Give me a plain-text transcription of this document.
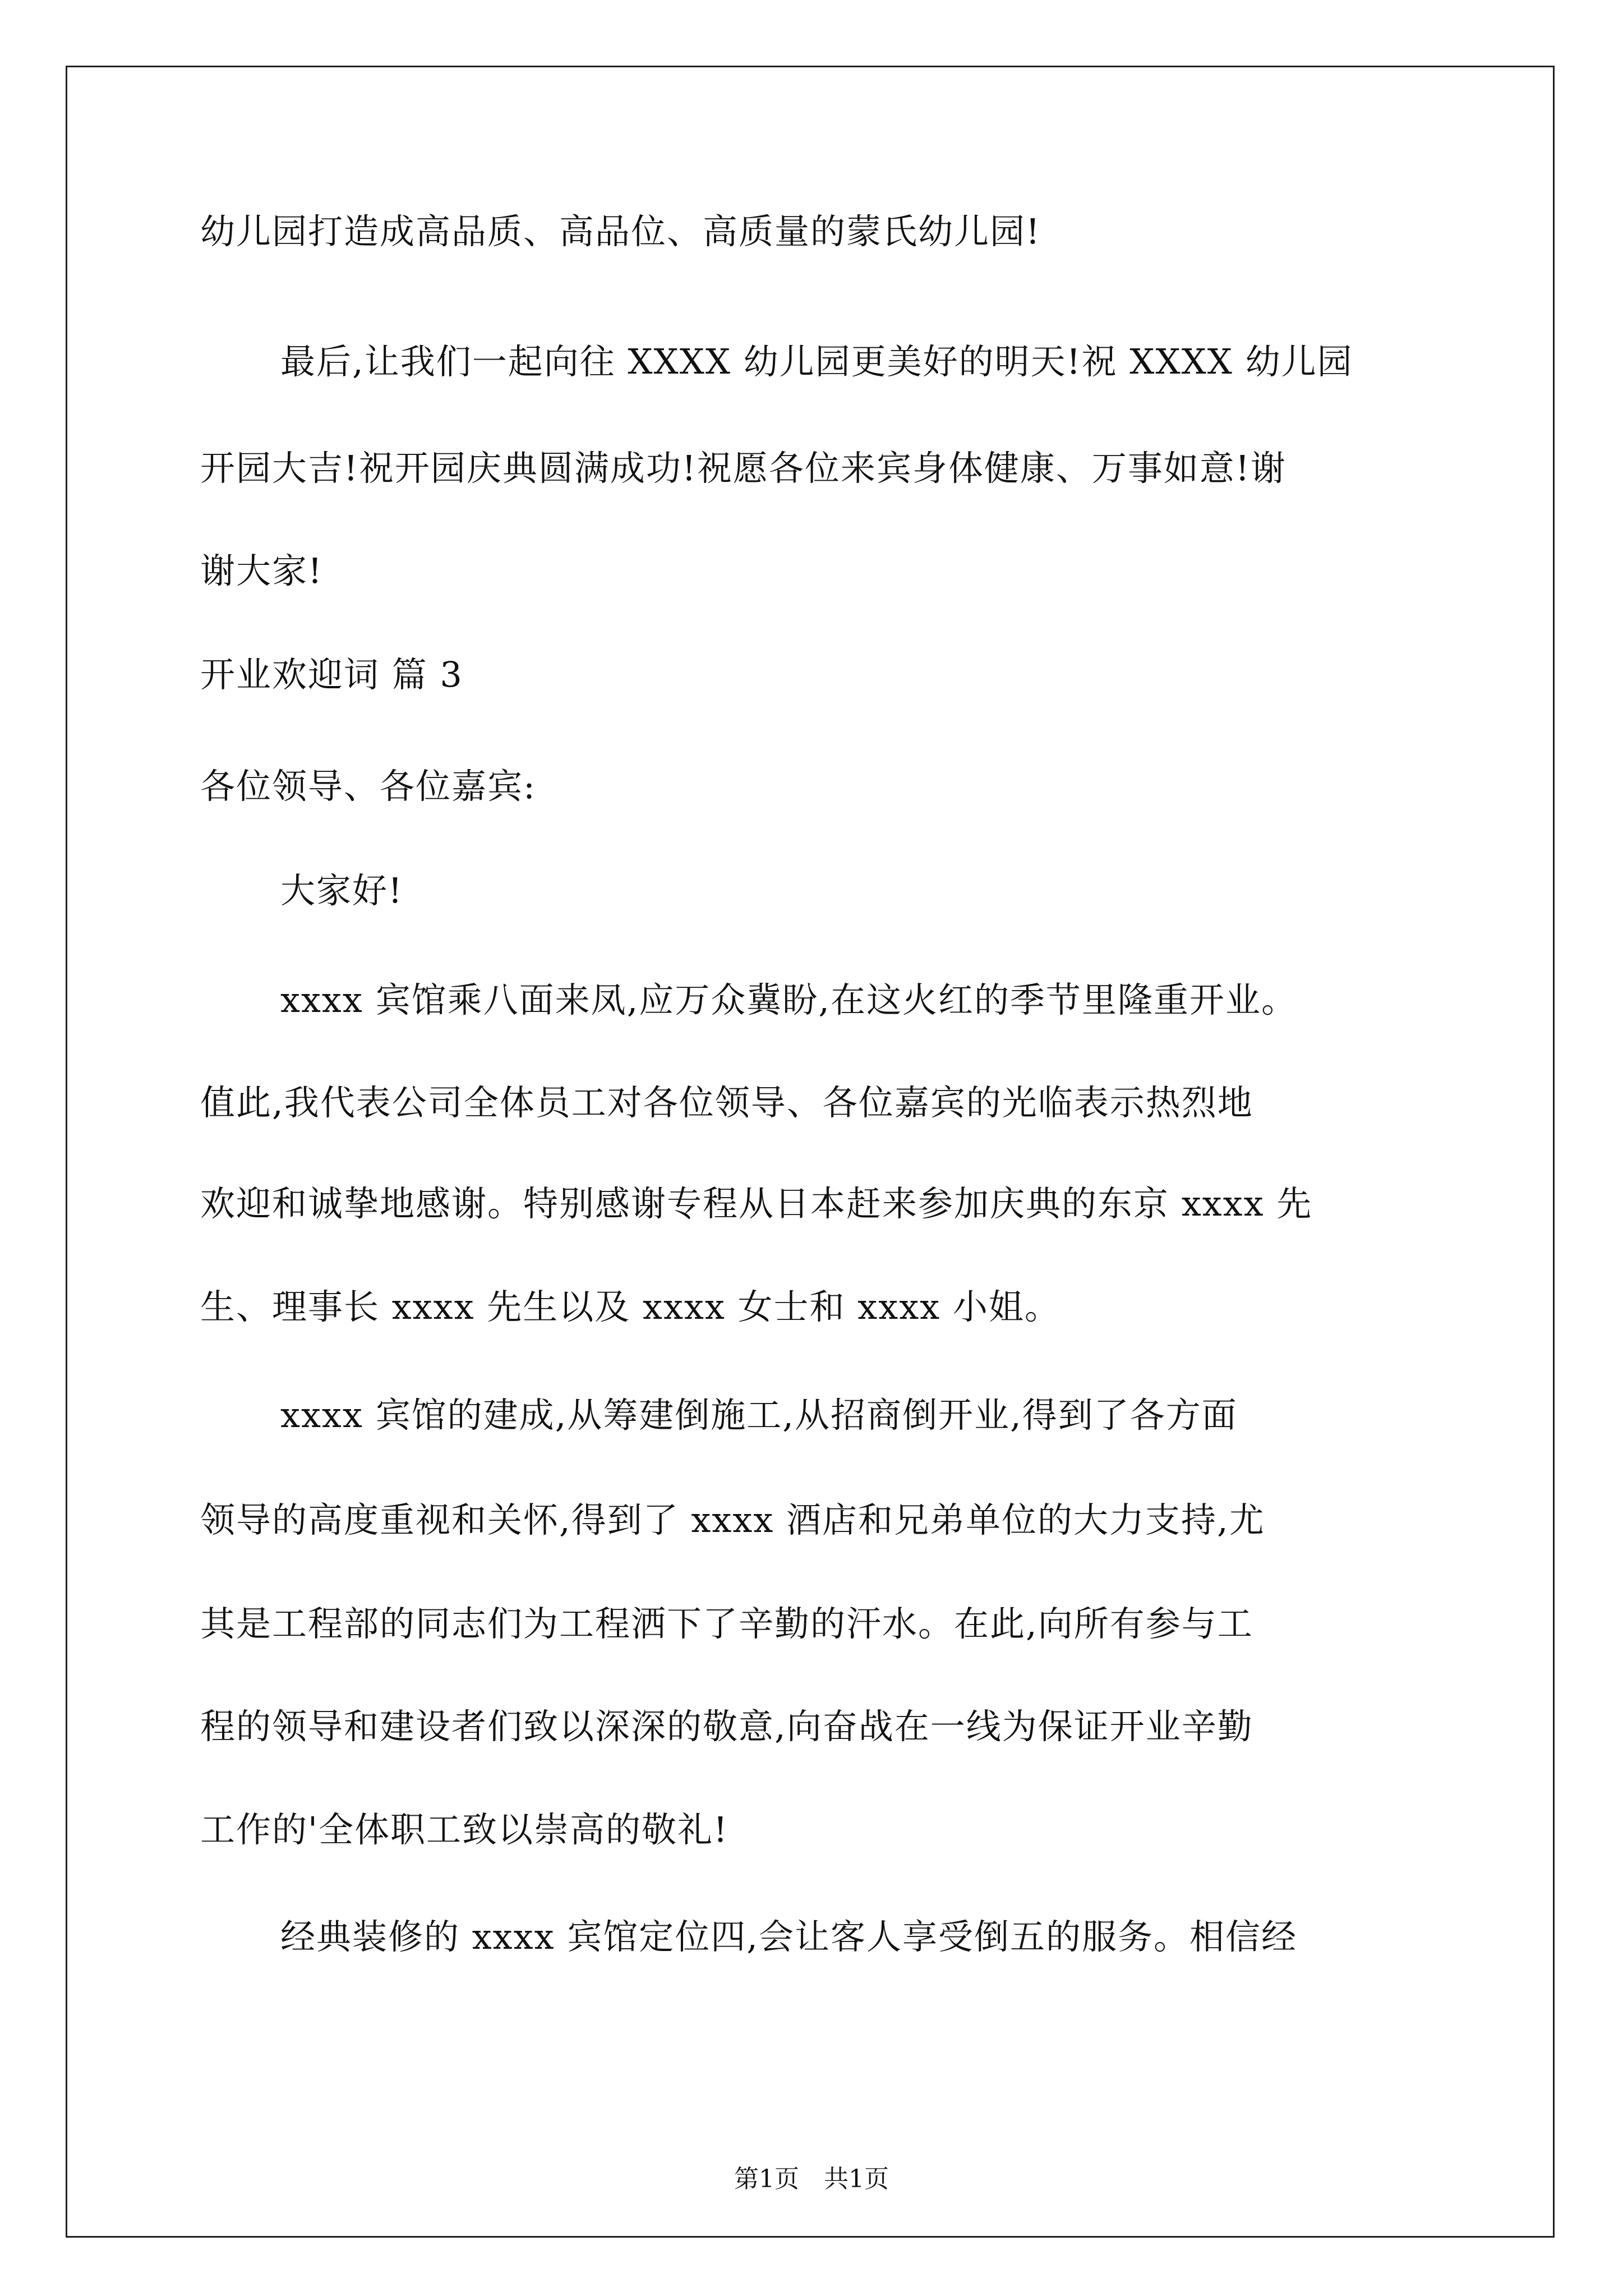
幼儿园打造成高品质、高品位、高质量的蒙氏幼儿园!
最后,让我们一起向往 XXXX 幼儿园更美好的明天!祝 XXXX 幼儿园
开园大吉!祝开园庆典圆满成功!祝愿各位来宾身体健康、万事如意!谢
谢大家!
开业欢迎词 篇 3
各位领导、各位嘉宾:
大家好!
xxxx 宾馆乘八面来凤,应万众冀盼,在这火红的季节里隆重开业。
值此,我代表公司全体员工对各位领导、各位嘉宾的光临表示热烈地
欢迎和诚挚地感谢。特别感谢专程从日本赶来参加庆典的东京 xxxx 先
生、理事长 xxxx 先生以及 xxxx 女士和 xxxx 小姐。
xxxx 宾馆的建成,从筹建倒施工,从招商倒开业,得到了各方面
领导的高度重视和关怀,得到了 xxxx 酒店和兄弟单位的大力支持,尤
其是工程部的同志们为工程洒下了辛勤的汗水。在此,向所有参与工
程的领导和建设者们致以深深的敬意,向奋战在一线为保证开业辛勤
工作的'全体职工致以崇高的敬礼!
经典装修的 xxxx 宾馆定位四,会让客人享受倒五的服务。相信经
第1页　共1页
